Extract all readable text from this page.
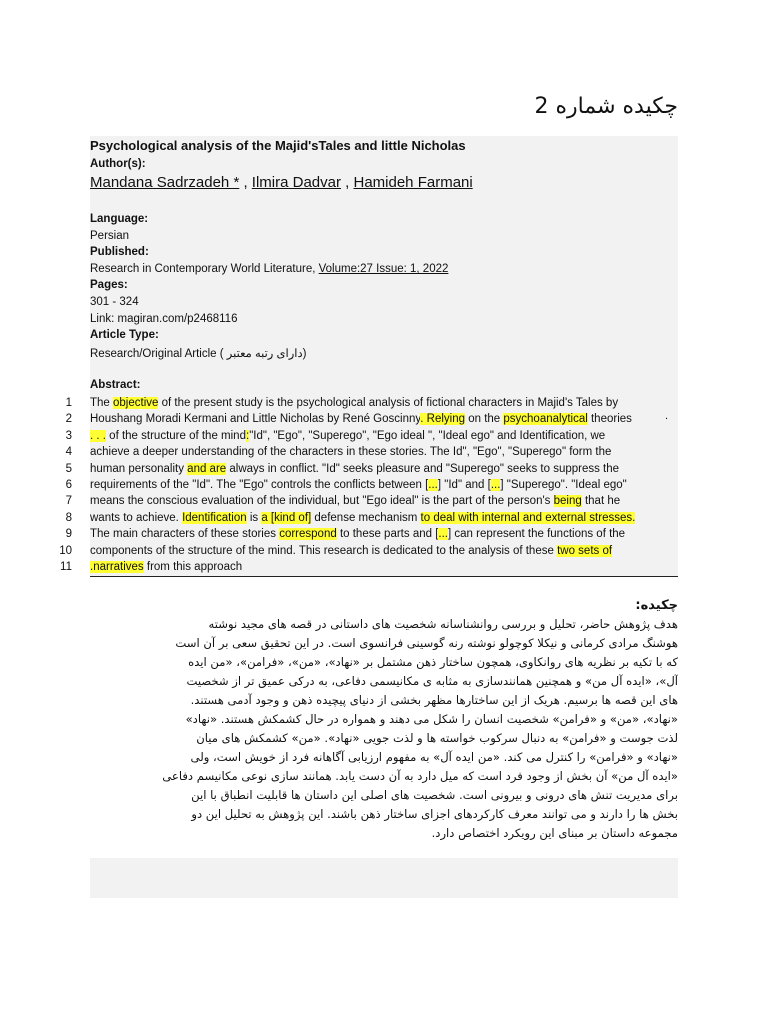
چکیده شماره 2
Psychological analysis of the Majid'sTales and little Nicholas
Author(s):
Mandana Sadrzadeh * , Ilmira Dadvar , Hamideh Farmani
Language:
Persian
Published:
Research in Contemporary World Literature, Volume:27 Issue: 1, 2022
Pages:
301 - 324
Link: magiran.com/p2468116
Article Type:
Research/Original Article ( دارای رتبه معتبر)
Abstract:
1
2
3
4
5
6
7
8
9
10
11
The objective of the present study is the psychological analysis of fictional characters in Majid's Tales by
Houshang Moradi Kermani and Little Nicholas by René Goscinny. Relying on the psychoanalytical theories
. . . of the structure of the mind:"Id", "Ego", "Superego", "Ego ideal ", "Ideal ego" and Identification, we
achieve a deeper understanding of the characters in these stories. The Id", "Ego", "Superego" form the
human personality and are always in conflict. "Id" seeks pleasure and "Superego" seeks to suppress the
requirements of the "Id". The "Ego" controls the conflicts between [...] "Id" and [...] "Superego". "Ideal ego"
means the conscious evaluation of the individual, but "Ego ideal" is the part of the person's being that he
wants to achieve. Identification is a [kind of] defense mechanism to deal with internal and external stresses.
The main characters of these stories correspond to these parts and [...] can represent the functions of the
components of the structure of the mind. This research is dedicated to the analysis of these two sets of
.narratives from this approach
.
چکیده:
هدف پژوهش حاضر، تحلیل و بررسی روانشناسانه شخصیت های داستانی در قصه های مجید نوشته
هوشنگ مرادی کرمانی و نیکلا کوچولو نوشته رنه گوسینی فرانسوی است. در این تحقیق سعی بر آن است
که با تکیه بر نظریه های روانکاوی، همچون ساختار ذهن مشتمل بر «نهاد»، «من»، «فرامن»، «من ایده
آل»، «ایده آل من» و همچنین همانندسازی به مثابه ی مکانیسمی دفاعی، به درکی عمیق تر از شخصیت
های این قصه ها برسیم. هریک از این ساختارها مظهر بخشی از دنیای پیچیده ذهن و وجود آدمی هستند.
«نهاد»، «من» و «فرامن» شخصیت انسان را شکل می دهند و همواره در حال کشمکش هستند. «نهاد»
لذت جوست و «فرامن» به دنبال سرکوب خواسته ها و لذت جویی «نهاد». «من» کشمکش های میان
«نهاد» و «فرامن» را کنترل می کند. «من ایده آل» به مفهوم ارزیابی آگاهانه فرد از خویش است، ولی
«ایده آل من» آن بخش از وجود فرد است که میل دارد به آن دست یابد. همانند سازی نوعی مکانیسم دفاعی
برای مدیریت تنش های درونی و بیرونی است. شخصیت های اصلی این داستان ها قابلیت انطباق با این
بخش ها را دارند و می توانند معرف کارکردهای اجزای ساختار ذهن باشند. این پژوهش به تحلیل این دو
مجموعه داستان بر مبنای این رویکرد اختصاص دارد.
